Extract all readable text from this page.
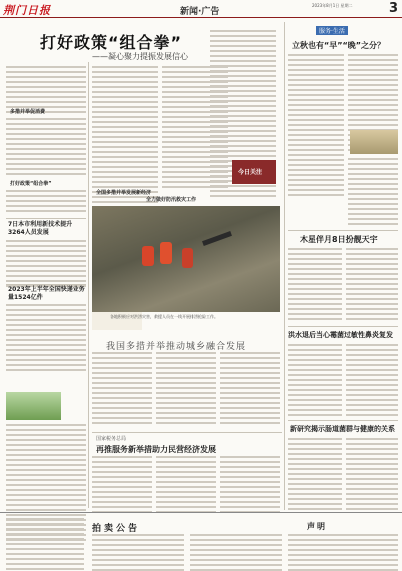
荆门日报	新闻·广告
2023年8月1日 星期二	3
打好政策“组合拳”
——凝心聚力提振发展信心
多措并举促消费
打好政策“组合拳”
7日本市利用新技术提升3264人员发展
2023年上半年全国快递业务量1524亿件
全国多措并举发展新经济
今日关注
全力做好防汛救灾工作
各地积极应对洪涝灾害，救援人员在一线开展排涝抢险工作。
我国多措并举推动城乡融合发展
国家税务总局
再推服务新举措助力民营经济发展
服务·生活
立秋也有“早”“晚”之分？
木星伴月8日扮靓天宇
洪水退后当心霉菌过敏性鼻炎复发
新研究揭示肠道菌群与健康的关系
拍卖公告	声明
